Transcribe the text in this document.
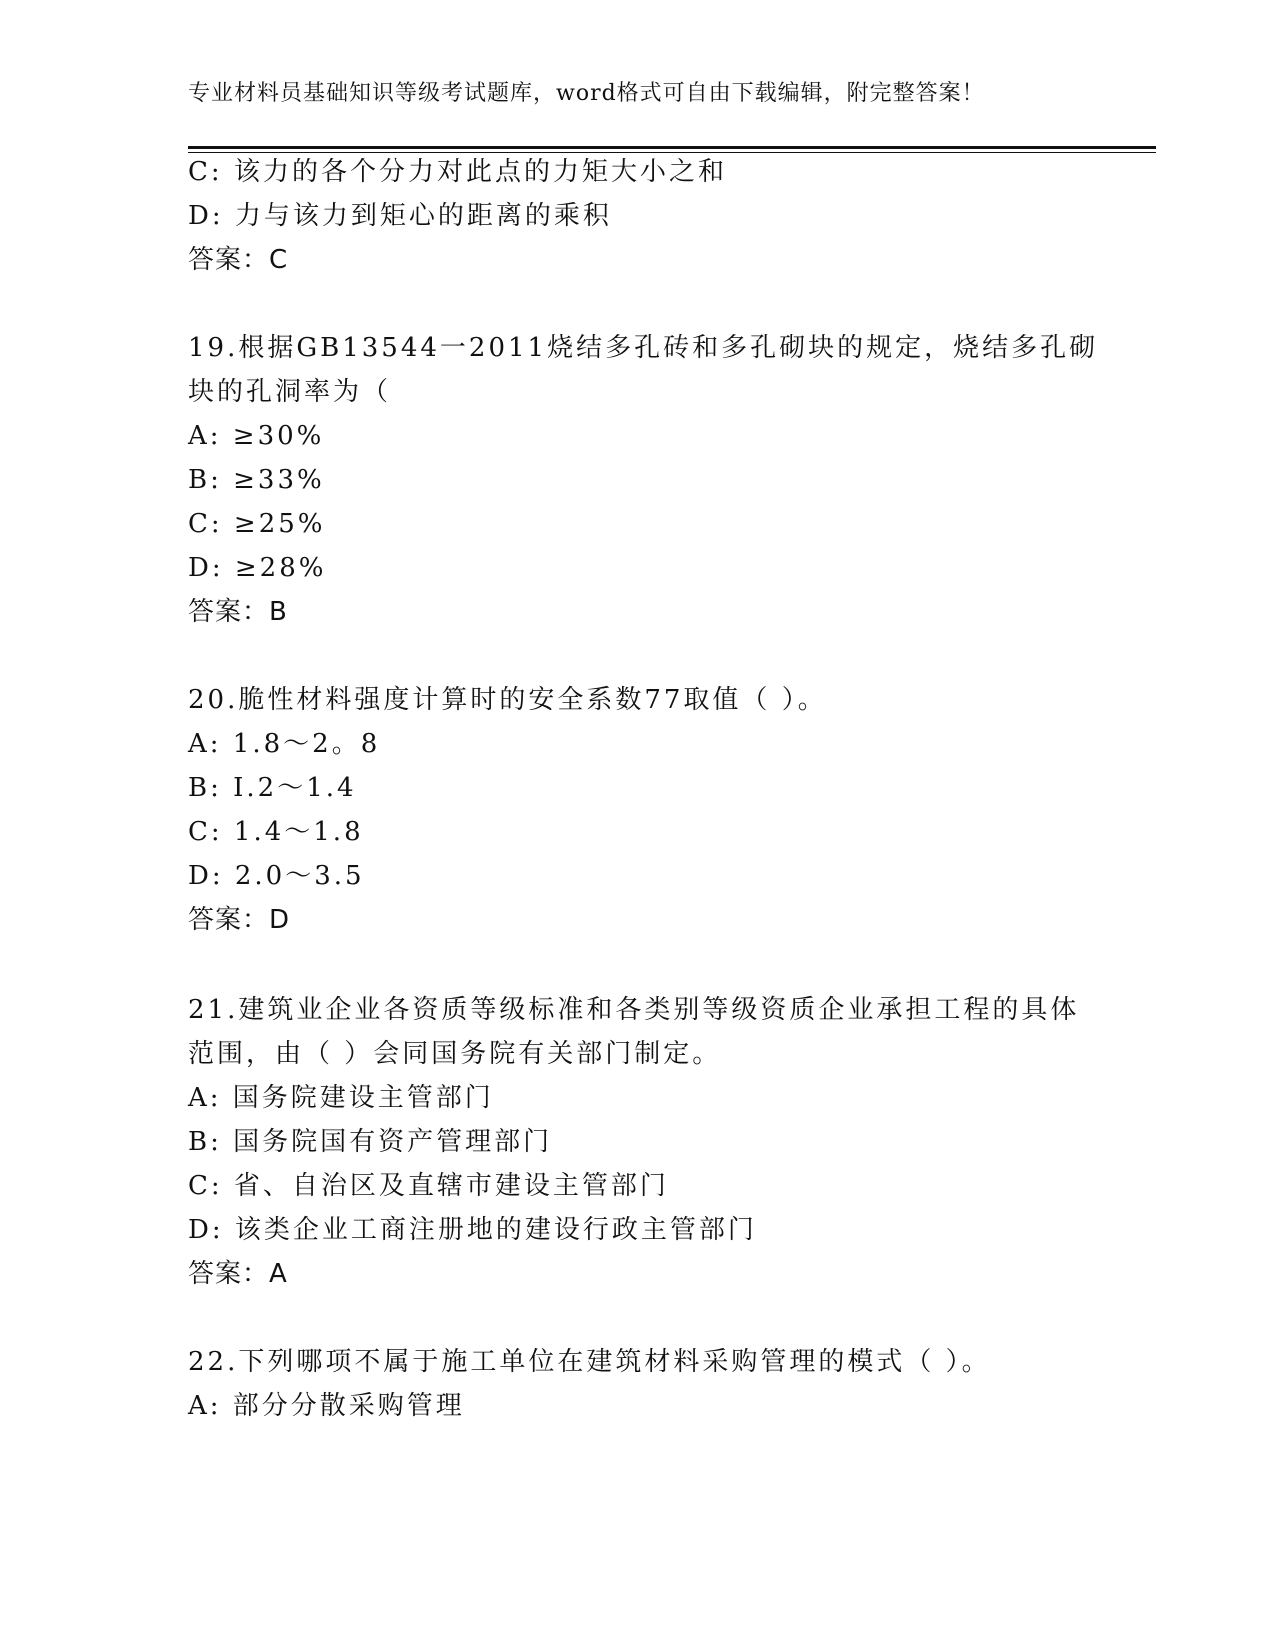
专业材料员基础知识等级考试题库，word格式可自由下载编辑，附完整答案！
C: 该力的各个分力对此点的力矩大小之和
D: 力与该力到矩心的距离的乘积
答案：C
19.根据GB13544一2011烧结多孔砖和多孔砌块的规定，烧结多孔砌
块的孔洞率为（
A: ≥30%
B: ≥33%
C: ≥25%
D: ≥28%
答案：B
20.脆性材料强度计算时的安全系数77取值（ ）。
A: 1.8～2。8
B: I.2～1.4
C: 1.4～1.8
D: 2.0～3.5
答案：D
21.建筑业企业各资质等级标准和各类别等级资质企业承担工程的具体
范围，由（ ）会同国务院有关部门制定。
A: 国务院建设主管部门
B: 国务院国有资产管理部门
C: 省、自治区及直辖市建设主管部门
D: 该类企业工商注册地的建设行政主管部门
答案：A
22.下列哪项不属于施工单位在建筑材料采购管理的模式（ ）。
A: 部分分散采购管理
